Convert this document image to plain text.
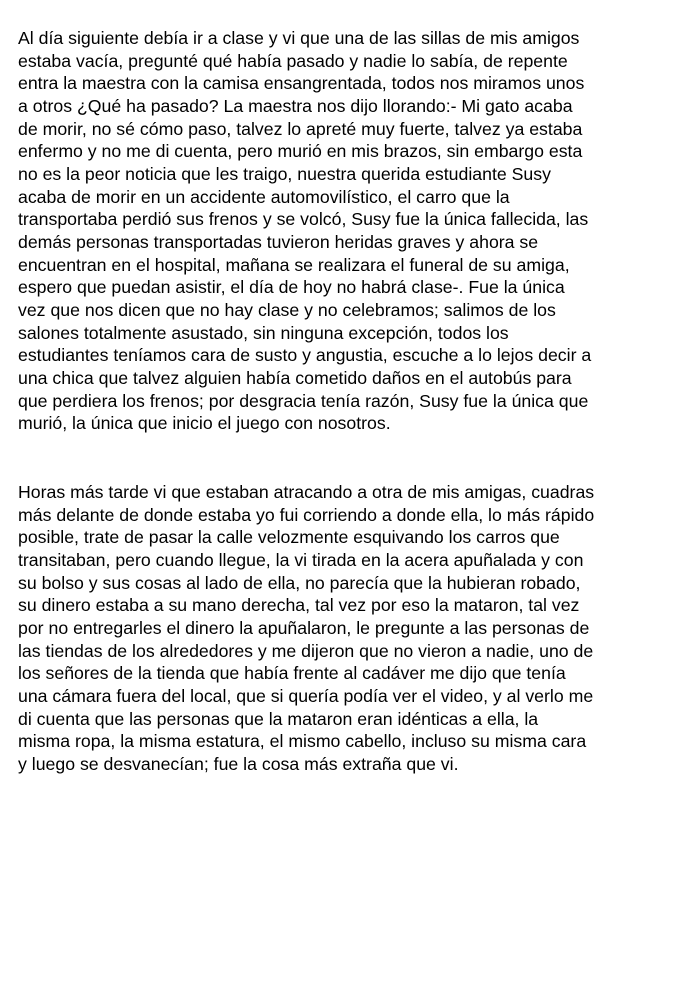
Al día siguiente debía ir a clase y vi que una de las sillas de mis amigos
estaba vacía, pregunté qué había pasado y nadie lo sabía, de repente
entra la maestra con la camisa ensangrentada, todos nos miramos unos
a otros ¿Qué ha pasado? La maestra nos dijo llorando:- Mi gato acaba
de morir, no sé cómo paso, talvez lo apreté muy fuerte, talvez ya estaba
enfermo y no me di cuenta, pero murió en mis brazos, sin embargo esta
no es la peor noticia que les traigo, nuestra querida estudiante Susy
acaba de morir en un accidente automovilístico, el carro que la
transportaba perdió sus frenos y se volcó, Susy fue la única fallecida, las
demás personas transportadas tuvieron heridas graves y ahora se
encuentran en el hospital, mañana se realizara el funeral de su amiga,
espero que puedan asistir, el día de hoy no habrá clase-. Fue la única
vez que nos dicen que no hay clase y no celebramos; salimos de los
salones totalmente asustado, sin ninguna excepción, todos los
estudiantes teníamos cara de susto y angustia, escuche a lo lejos decir a
una chica que talvez alguien había cometido daños en el autobús para
que perdiera los frenos; por desgracia tenía razón, Susy fue la única que
murió, la única que inicio el juego con nosotros.

Horas más tarde vi que estaban atracando a otra de mis amigas, cuadras
más delante de donde estaba yo fui corriendo a donde ella, lo más rápido
posible, trate de pasar la calle velozmente esquivando los carros que
transitaban, pero cuando llegue, la vi tirada en la acera apuñalada y con
su bolso y sus cosas al lado de ella, no parecía que la hubieran robado,
su dinero estaba a su mano derecha, tal vez por eso la mataron, tal vez
por no entregarles el dinero la apuñalaron, le pregunte a las personas de
las tiendas de los alrededores y me dijeron que no vieron a nadie, uno de
los señores de la tienda que había frente al cadáver me dijo que tenía
una cámara fuera del local, que si quería podía ver el video, y al verlo me
di cuenta que las personas que la mataron eran idénticas a ella, la
misma ropa, la misma estatura, el mismo cabello, incluso su misma cara
y luego se desvanecían; fue la cosa más extraña que vi.
